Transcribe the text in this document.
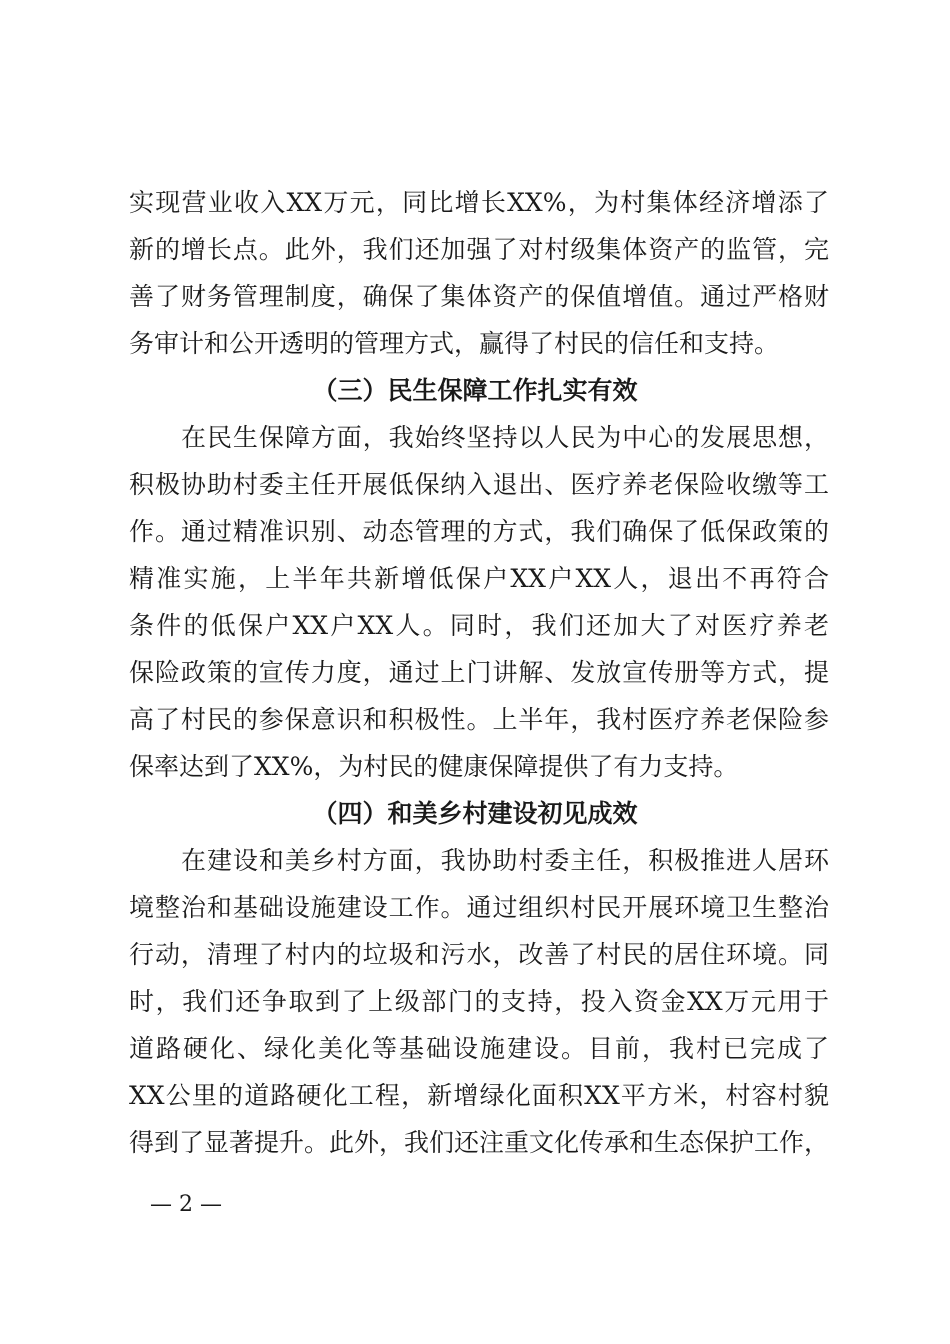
实现营业收入XX万元，同比增长XX%，为村集体经济增添了
新的增长点。此外，我们还加强了对村级集体资产的监管，完
善了财务管理制度，确保了集体资产的保值增值。通过严格财
务审计和公开透明的管理方式，赢得了村民的信任和支持。
（三）民生保障工作扎实有效
在民生保障方面，我始终坚持以人民为中心的发展思想，
积极协助村委主任开展低保纳入退出、医疗养老保险收缴等工
作。通过精准识别、动态管理的方式，我们确保了低保政策的
精准实施，上半年共新增低保户XX户XX人，退出不再符合
条件的低保户XX户XX人。同时，我们还加大了对医疗养老
保险政策的宣传力度，通过上门讲解、发放宣传册等方式，提
高了村民的参保意识和积极性。上半年，我村医疗养老保险参
保率达到了XX%，为村民的健康保障提供了有力支持。
（四）和美乡村建设初见成效
在建设和美乡村方面，我协助村委主任，积极推进人居环
境整治和基础设施建设工作。通过组织村民开展环境卫生整治
行动，清理了村内的垃圾和污水，改善了村民的居住环境。同
时，我们还争取到了上级部门的支持，投入资金XX万元用于
道路硬化、绿化美化等基础设施建设。目前，我村已完成了
XX公里的道路硬化工程，新增绿化面积XX平方米，村容村貌
得到了显著提升。此外，我们还注重文化传承和生态保护工作，
— 2 —
